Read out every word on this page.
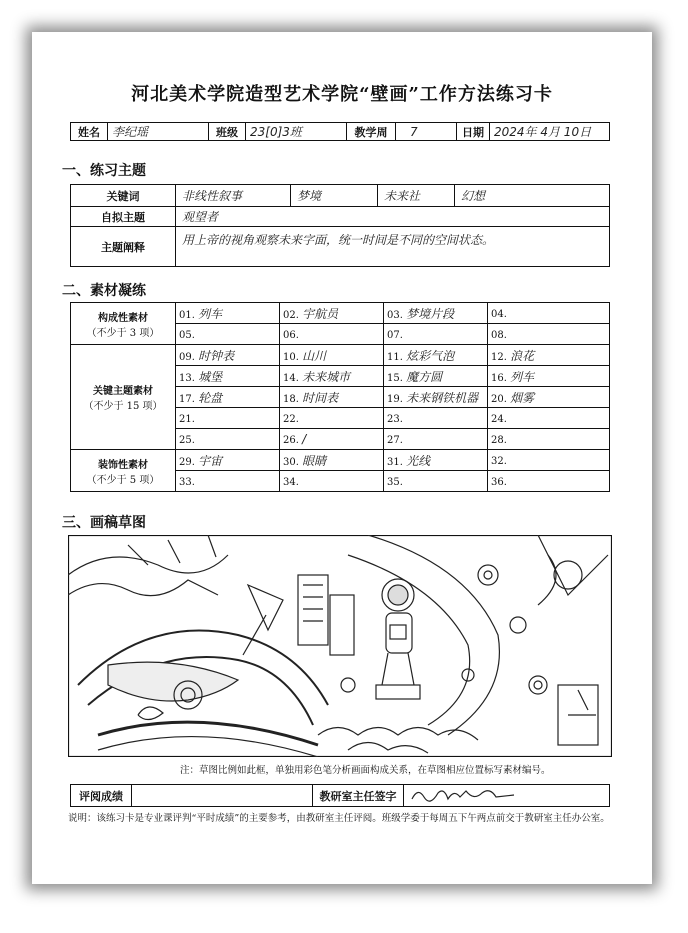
河北美术学院造型艺术学院“壁画”工作方法练习卡
姓名	李纪瑶	班级	23[0]3班	教学周	7	日期	2024年 4月 10日
一、练习主题
关键词	非线性叙事	梦境	未来社	幻想
自拟主题	观望者			
主题阐释	用上帝的视角观察未来字面，统一时间是不同的空间状态。			
二、素材凝练
构成性素材
（不少于 3 项）	01. 列车	02. 宇航员	03. 梦境片段	04.
	05.	06.	07.	08.

关键主题素材
（不少于 15 项）	09. 时钟表	10. 山川	11. 炫彩气泡	12. 浪花
	13. 城堡	14. 未来城市	15. 魔方圆	16. 列车
	17. 轮盘	18. 时间表	19. 未来钢铁机器	20. 烟雾
	21.	22.	23.	24.
	25.	26. /	27.	28.

装饰性素材
（不少于 5 项）	29. 宇宙	30. 眼睛	31. 光线	32.
	33.	34.	35.	36.
三、画稿草图
注：草图比例如此框，单独用彩色笔分析画面构成关系，在草图相应位置标写素材编号。
评阅成绩		教研室主任签字	
说明：该练习卡是专业课评判“平时成绩”的主要参考，由教研室主任评阅。班级学委于每周五下午两点前交于教研室主任办公室。
